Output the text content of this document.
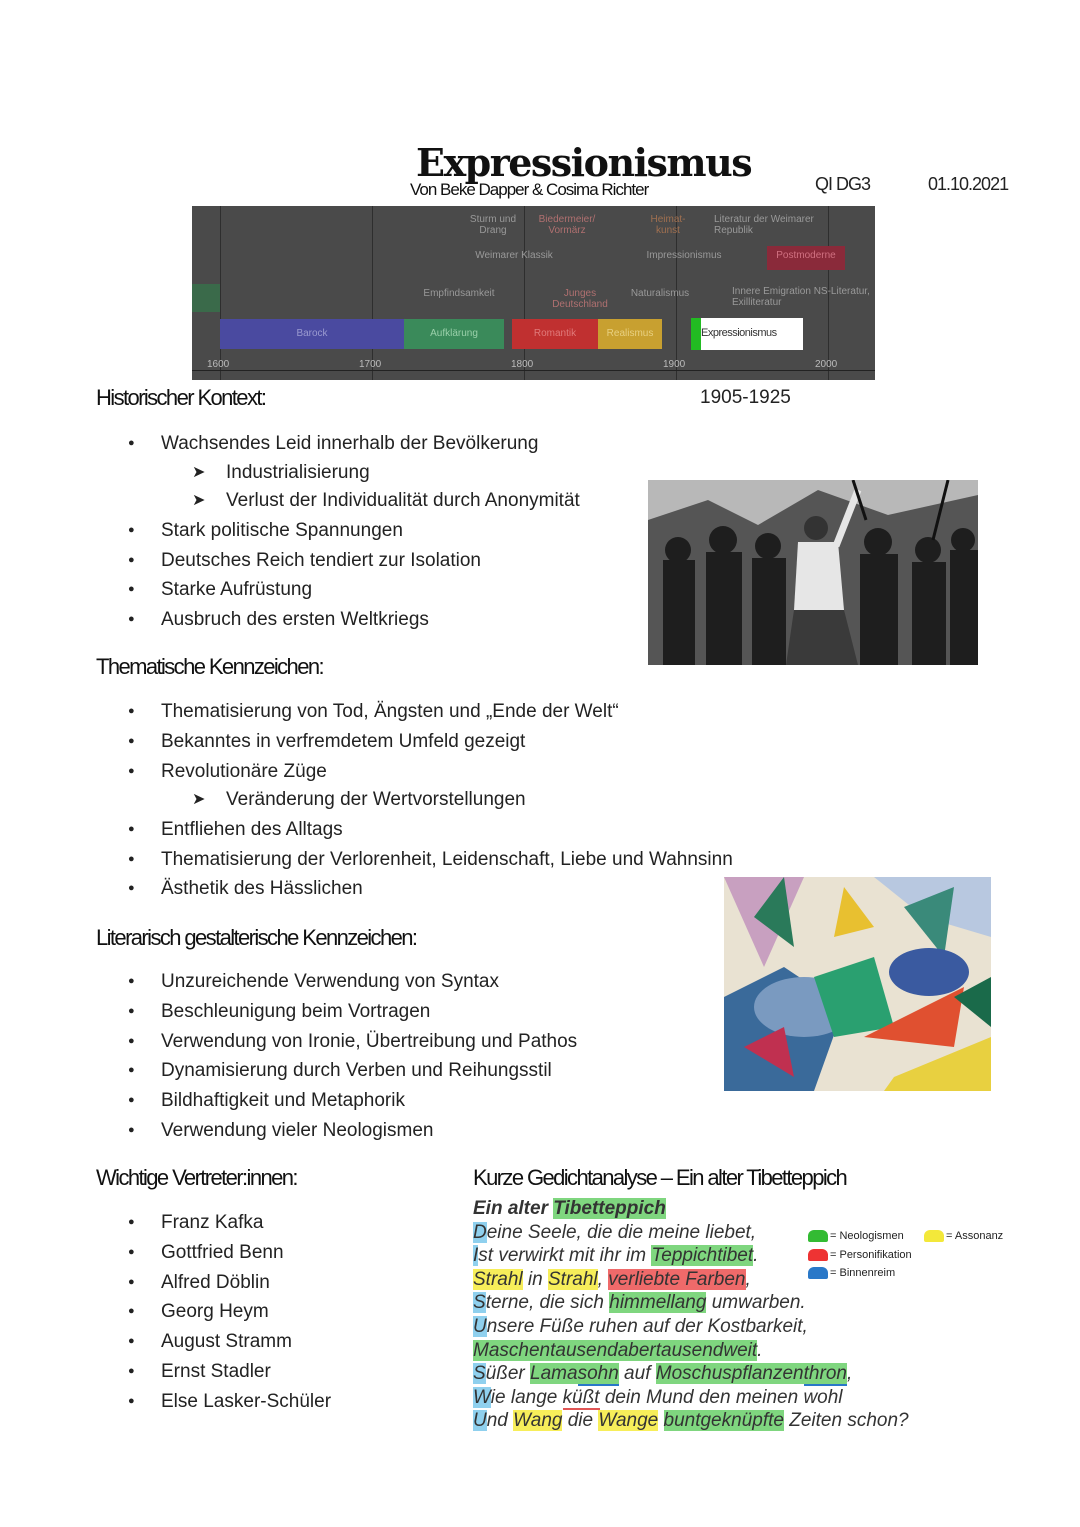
Expressionismus
Von Beke Dapper & Cosima Richter	QI DG3	01.10.2021
Sturm und Drang
Biedermeier/ Vormärz
Heimat- kunst
Literatur der Weimarer Republik
Weimarer Klassik	Impressionismus	Postmoderne
Empfindsamkeit	Junges Deutschland
Naturalismus	Innere Emigration NS-Literatur, Exilliteratur
Barock	Aufklärung	Romantik	Realismus	Expressionismus
1600	1700	1800	1900	2000
Historischer Kontext:	1905-1925
● Wachsendes Leid innerhalb der Bevölkerung
➤ Industrialisierung
➤ Verlust der Individualität durch Anonymität
● Stark politische Spannungen
● Deutsches Reich tendiert zur Isolation
● Starke Aufrüstung
● Ausbruch des ersten Weltkriegs
Thematische Kennzeichen:
● Thematisierung von Tod, Ängsten und „Ende der Welt“
● Bekanntes in verfremdetem Umfeld gezeigt
● Revolutionäre Züge
➤ Veränderung der Wertvorstellungen
● Entfliehen des Alltags
● Thematisierung der Verlorenheit, Leidenschaft, Liebe und Wahnsinn
● Ästhetik des Hässlichen
Literarisch gestalterische Kennzeichen:
● Unzureichende Verwendung von Syntax
● Beschleunigung beim Vortragen
● Verwendung von Ironie, Übertreibung und Pathos
● Dynamisierung durch Verben und Reihungsstil
● Bildhaftigkeit und Metaphorik
● Verwendung vieler Neologismen
Wichtige Vertreter:innen:
● Franz Kafka
● Gottfried Benn
● Alfred Döblin
● Georg Heym
● August Stramm
● Ernst Stadler
● Else Lasker-Schüler
Kurze Gedichtanalyse – Ein alter Tibetteppich
Ein alter Tibetteppich
Deine Seele, die die meine liebet,
Ist verwirkt mit ihr im Teppichtibet.
Strahl in Strahl, verliebte Farben,
Sterne, die sich himmellang umwarben.
Unsere Füße ruhen auf der Kostbarkeit,
Maschentausendabertausendweit.
Süßer Lamasohn auf Moschuspflanzenthron,
Wie lange küßt dein Mund den meinen wohl
Und Wang die Wange buntgeknüpfte Zeiten schon?
= Neologismen
= Personifikation
= Binnenreim
= Assonanz
